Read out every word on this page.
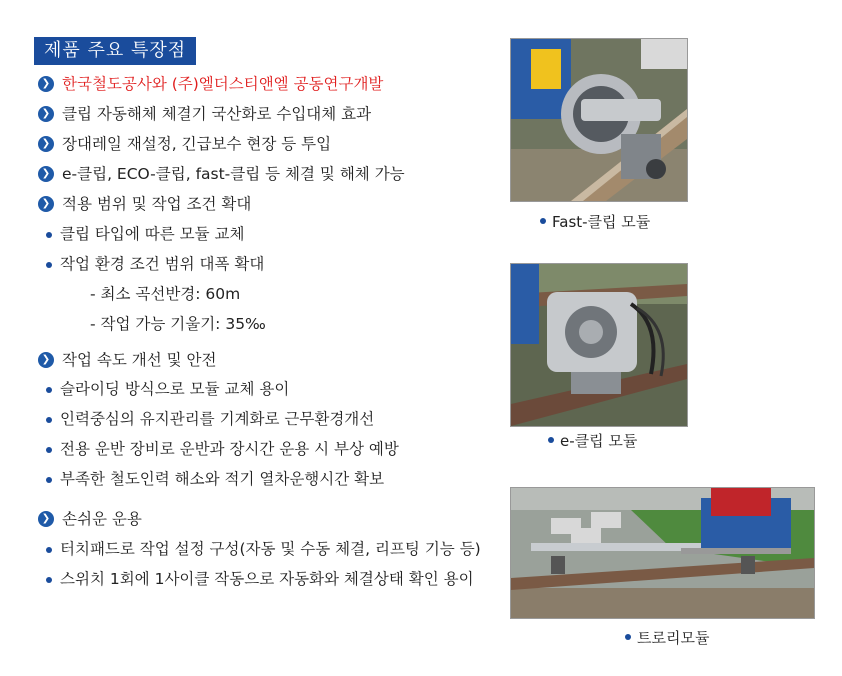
제품 주요 특장점
❯ 한국철도공사와 (주)엘더스티앤엘 공동연구개발
❯ 클립 자동해체 체결기 국산화로 수입대체 효과
❯ 장대레일 재설정, 긴급보수 현장 등 투입
❯ e-클립, ECO-클립, fast-클립 등 체결 및 해체 가능
❯ 적용 범위 및 작업 조건 확대
클립 타입에 따른 모듈 교체
작업 환경 조건 범위 대폭 확대
- 최소 곡선반경: 60m
- 작업 가능 기울기: 35‰
❯ 작업 속도 개선 및 안전
슬라이딩 방식으로 모듈 교체 용이
인력중심의 유지관리를 기계화로 근무환경개선
전용 운반 장비로 운반과 장시간 운용 시 부상 예방
부족한 철도인력 해소와 적기 열차운행시간 확보
❯ 손쉬운 운용
터치패드로 작업 설정 구성(자동 및 수동 체결, 리프팅 기능 등)
스위치 1회에 1사이클 작동으로 자동화와 체결상태 확인 용이
Fast-클립 모듈
e-클립 모듈
트로리모듈
